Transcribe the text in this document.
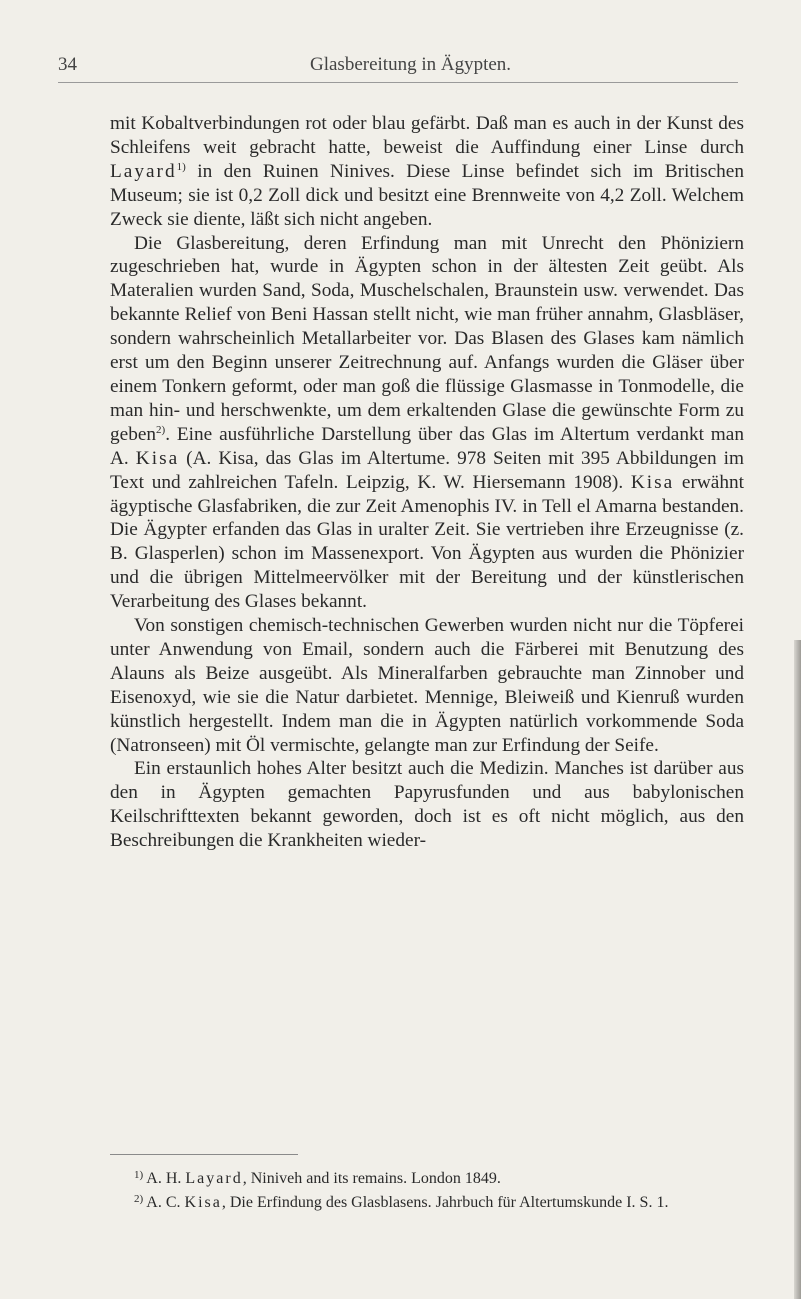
34	Glasbereitung in Ägypten.

mit Kobaltverbindungen rot oder blau gefärbt. Daß man es auch in der Kunst des Schleifens weit gebracht hatte, beweist die Auffindung einer Linse durch Layard$^{1)}$ in den Ruinen Ninives. Diese Linse befindet sich im Britischen Museum; sie ist 0,2 Zoll dick und besitzt eine Brennweite von 4,2 Zoll. Welchem Zweck sie diente, läßt sich nicht angeben.

Die Glasbereitung, deren Erfindung man mit Unrecht den Phöniziern zugeschrieben hat, wurde in Ägypten schon in der ältesten Zeit geübt. Als Materalien wurden Sand, Soda, Muschelschalen, Braunstein usw. verwendet. Das bekannte Relief von Beni Hassan stellt nicht, wie man früher annahm, Glasbläser, sondern wahrscheinlich Metallarbeiter vor. Das Blasen des Glases kam nämlich erst um den Beginn unserer Zeitrechnung auf. Anfangs wurden die Gläser über einem Tonkern geformt, oder man goß die flüssige Glasmasse in Tonmodelle, die man hin- und herschwenkte, um dem erkaltenden Glase die gewünschte Form zu geben$^{2)}$. Eine ausführliche Darstellung über das Glas im Altertum verdankt man A. Kisa (A. Kisa, das Glas im Altertume. 978 Seiten mit 395 Abbildungen im Text und zahlreichen Tafeln. Leipzig, K. W. Hiersemann 1908). Kisa erwähnt ägyptische Glasfabriken, die zur Zeit Amenophis IV. in Tell el Amarna bestanden. Die Ägypter erfanden das Glas in uralter Zeit. Sie vertrieben ihre Erzeugnisse (z. B. Glasperlen) schon im Massenexport. Von Ägypten aus wurden die Phönizier und die übrigen Mittelmeervölker mit der Bereitung und der künstlerischen Verarbeitung des Glases bekannt.

Von sonstigen chemisch-technischen Gewerben wurden nicht nur die Töpferei unter Anwendung von Email, sondern auch die Färberei mit Benutzung des Alauns als Beize ausgeübt. Als Mineralfarben gebrauchte man Zinnober und Eisenoxyd, wie sie die Natur darbietet. Mennige, Bleiweiß und Kienruß wurden künstlich hergestellt. Indem man die in Ägypten natürlich vorkommende Soda (Natronseen) mit Öl vermischte, gelangte man zur Erfindung der Seife.

Ein erstaunlich hohes Alter besitzt auch die Medizin. Manches ist darüber aus den in Ägypten gemachten Papyrusfunden und aus babylonischen Keilschrifttexten bekannt geworden, doch ist es oft nicht möglich, aus den Beschreibungen die Krankheiten wieder-

$^{1)}$ A. H. Layard, Niniveh and its remains. London 1849.

$^{2)}$ A. C. Kisa, Die Erfindung des Glasblasens. Jahrbuch für Altertumskunde I. S. 1.
